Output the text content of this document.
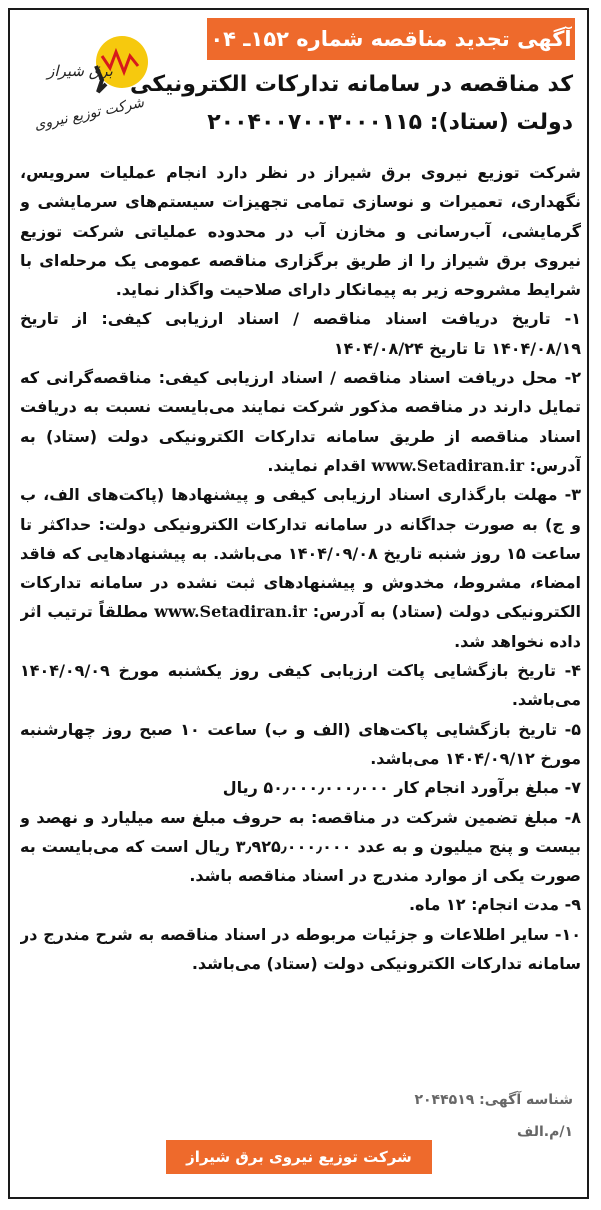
برق شیراز
شرکت توزیع نیروی
آگهی تجدید مناقصه شماره ۱۵۲ـ ۰۴
کد مناقصه در سامانه تدارکات الکترونیکی
دولت (ستاد): ۲۰۰۴۰۰۷۰۰۳۰۰۰۱۱۵

شرکت توزیع نیروی برق شیراز در نظر دارد انجام عملیات سرویس، نگهداری، تعمیرات و نوسازی تمامی تجهیزات سیستم‌های سرمایشی و گرمایشی، آب‌رسانی و مخازن آب در محدوده عملیاتی شرکت توزیع نیروی برق شیراز را از طریق برگزاری مناقصه عمومی یک مرحله‌ای با شرایط مشروحه زیر به پیمانکار دارای صلاحیت واگذار نماید.

۱- تاریخ دریافت اسناد مناقصه / اسناد ارزیابی کیفی: از تاریخ ۱۴۰۴/۰۸/۱۹ تا تاریخ ۱۴۰۴/۰۸/۲۴

۲- محل دریافت اسناد مناقصه / اسناد ارزیابی کیفی: مناقصه‌گرانی که تمایل دارند در مناقصه مذکور شرکت نمایند می‌بایست نسبت به دریافت اسناد مناقصه از طریق سامانه تدارکات الکترونیکی دولت (ستاد) به آدرس: www.Setadiran.ir اقدام نمایند.

۳- مهلت بارگذاری اسناد ارزیابی کیفی و پیشنهادها (پاکت‌های الف، ب و ج) به صورت جداگانه در سامانه تدارکات الکترونیکی دولت: حداکثر تا ساعت ۱۵ روز شنبه تاریخ ۱۴۰۴/۰۹/۰۸ می‌باشد. به پیشنهادهایی که فاقد امضاء، مشروط، مخدوش و پیشنهادهای ثبت نشده در سامانه تدارکات الکترونیکی دولت (ستاد) به آدرس: www.Setadiran.ir مطلقاً ترتیب اثر داده نخواهد شد.

۴- تاریخ بازگشایی پاکت ارزیابی کیفی روز یکشنبه مورخ ۱۴۰۴/۰۹/۰۹ می‌باشد.

۵- تاریخ بازگشایی پاکت‌های (الف و ب) ساعت ۱۰ صبح روز چهارشنبه مورخ ۱۴۰۴/۰۹/۱۲ می‌باشد.

۷- مبلغ برآورد انجام کار ۵۰٫۰۰۰٫۰۰۰٫۰۰۰ ریال

۸- مبلغ تضمین شرکت در مناقصه: به حروف مبلغ سه میلیارد و نهصد و بیست و پنج میلیون و به عدد ۳٫۹۲۵٫۰۰۰٫۰۰۰ ریال است که می‌بایست به صورت یکی از موارد مندرج در اسناد مناقصه باشد.

۹- مدت انجام: ۱۲ ماه.

۱۰- سایر اطلاعات و جزئیات مربوطه در اسناد مناقصه به شرح مندرج در سامانه تدارکات الکترونیکی دولت (ستاد) می‌باشد.

شناسه آگهی: ۲۰۴۴۵۱۹
۱/م.الف
شرکت توزیع نیروی برق شیراز
